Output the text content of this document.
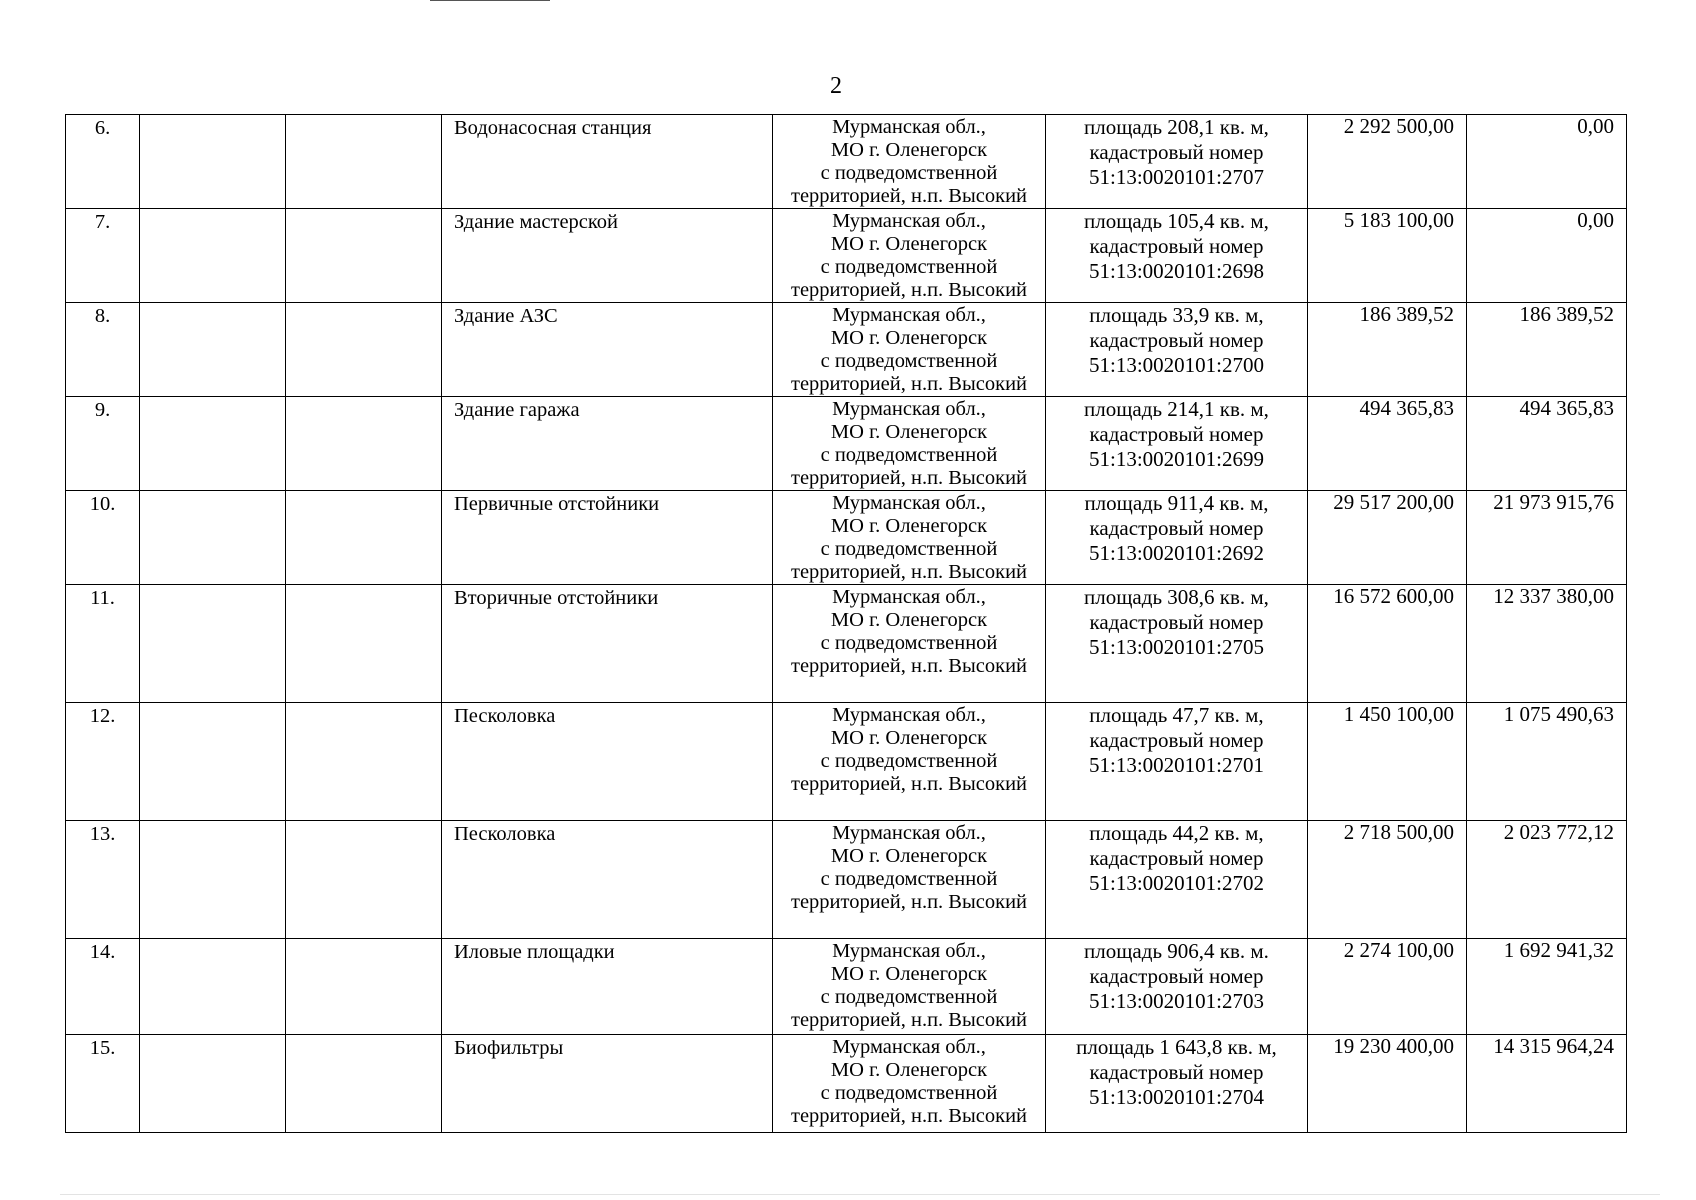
2
6.			Водонасосная станция	Мурманская обл.,
МО г. Оленегорск
с подведомственной
территорией, н.п. Высокий	площадь 208,1 кв. м,
кадастровый номер
51:13:0020101:2707	2 292 500,00	0,00
7.			Здание мастерской	Мурманская обл.,
МО г. Оленегорск
с подведомственной
территорией, н.п. Высокий	площадь 105,4 кв. м,
кадастровый номер
51:13:0020101:2698	5 183 100,00	0,00
8.			Здание АЗС	Мурманская обл.,
МО г. Оленегорск
с подведомственной
территорией, н.п. Высокий	площадь 33,9 кв. м,
кадастровый номер
51:13:0020101:2700	186 389,52	186 389,52
9.			Здание гаража	Мурманская обл.,
МО г. Оленегорск
с подведомственной
территорией, н.п. Высокий	площадь 214,1 кв. м,
кадастровый номер
51:13:0020101:2699	494 365,83	494 365,83
10.			Первичные отстойники	Мурманская обл.,
МО г. Оленегорск
с подведомственной
территорией, н.п. Высокий	площадь 911,4 кв. м,
кадастровый номер
51:13:0020101:2692	29 517 200,00	21 973 915,76
11.			Вторичные отстойники	Мурманская обл.,
МО г. Оленегорск
с подведомственной
территорией, н.п. Высокий	площадь 308,6 кв. м,
кадастровый номер
51:13:0020101:2705	16 572 600,00	12 337 380,00
12.			Песколовка	Мурманская обл.,
МО г. Оленегорск
с подведомственной
территорией, н.п. Высокий	площадь 47,7 кв. м,
кадастровый номер
51:13:0020101:2701	1 450 100,00	1 075 490,63
13.			Песколовка	Мурманская обл.,
МО г. Оленегорск
с подведомственной
территорией, н.п. Высокий	площадь 44,2 кв. м,
кадастровый номер
51:13:0020101:2702	2 718 500,00	2 023 772,12
14.			Иловые площадки	Мурманская обл.,
МО г. Оленегорск
с подведомственной
территорией, н.п. Высокий	площадь 906,4 кв. м.
кадастровый номер
51:13:0020101:2703	2 274 100,00	1 692 941,32
15.			Биофильтры	Мурманская обл.,
МО г. Оленегорск
с подведомственной
территорией, н.п. Высокий	площадь 1 643,8 кв. м,
кадастровый номер
51:13:0020101:2704	19 230 400,00	14 315 964,24
